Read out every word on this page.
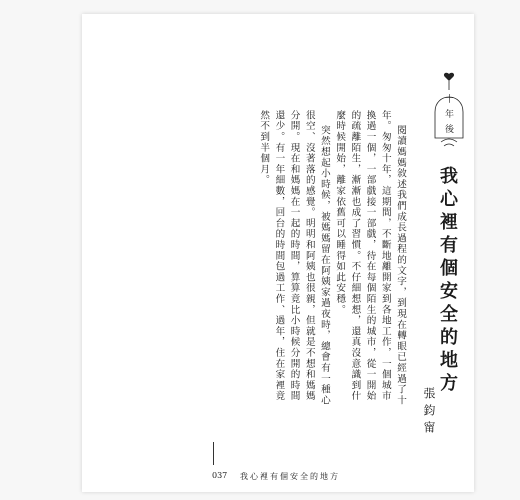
十年後
我心裡有個安全的地方
張鈞甯

閱讀媽媽敘述我們成長過程的文字，到現在轉眼已經過了十年。匆匆十年，這期間，不斷地離開家到各地工作，一個城市換過一個，一部戲接一部戲，待在每個陌生的城市，從一開始的疏離陌生，漸漸也成了習慣。不仔細想想，還真沒意識到什麼時候開始，離家依舊可以睡得如此安穩。

突然想起小時候，被媽媽留在阿姨家過夜時，總會有一種心很空、沒著落的感覺。明明和阿姨也很親，但就是不想和媽媽分開。現在和媽媽在一起的時間，算算竟比小時候分開的時間還少。有一年細數，回台的時間包過工作、過年，住在家裡竟然不到半個月。

037 我心裡有個安全的地方
